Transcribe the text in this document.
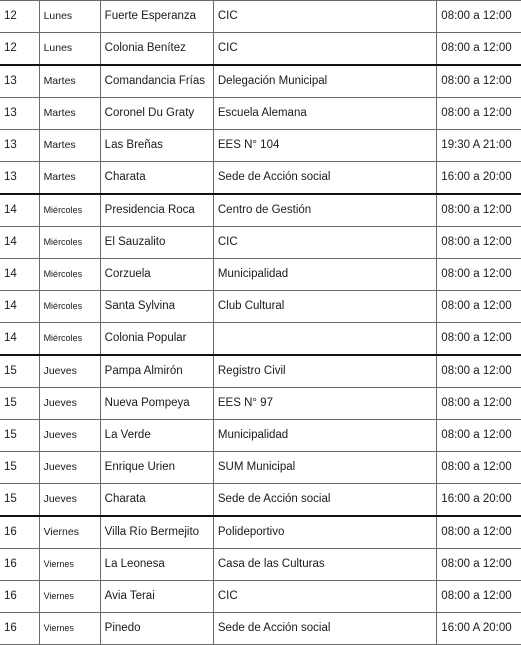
12	Lunes	Fuerte Esperanza	CIC	08:00 a 12:00
12	Lunes	Colonia Benítez	CIC	08:00 a 12:00
13	Martes	Comandancia Frías	Delegación Municipal	08:00 a 12:00
13	Martes	Coronel Du Graty	Escuela Alemana	08:00 a 12:00
13	Martes	Las Breñas	EES N° 104	19:30 A 21:00
13	Martes	Charata	Sede de Acción social	16:00 a 20:00
14	Miércoles	Presidencia Roca	Centro de Gestión	08:00 a 12:00
14	Miércoles	El Sauzalito	CIC	08:00 a 12:00
14	Miércoles	Corzuela	Municipalidad	08:00 a 12:00
14	Miércoles	Santa Sylvina	Club Cultural	08:00 a 12:00
14	Miércoles	Colonia Popular		08:00 a 12:00
15	Jueves	Pampa Almirón	Registro Civil	08:00 a 12:00
15	Jueves	Nueva Pompeya	EES N° 97	08:00 a 12:00
15	Jueves	La Verde	Municipalidad	08:00 a 12:00
15	Jueves	Enrique Urien	SUM Municipal	08:00 a 12:00
15	Jueves	Charata	Sede de Acción social	16:00 a 20:00
16	Viernes	Villa Río Bermejito	Polideportivo	08:00 a 12:00
16	Viernes	La Leonesa	Casa de las Culturas	08:00 a 12:00
16	Viernes	Avia Terai	CIC	08:00 a 12:00
16	Viernes	Pinedo	Sede de Acción social	16:00 A 20:00
